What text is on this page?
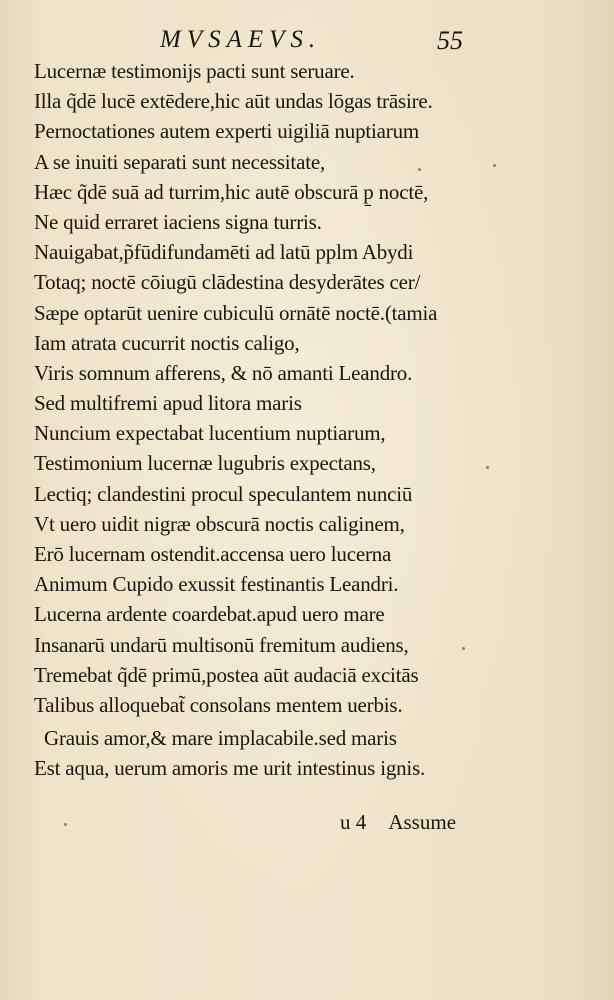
MVSAEVS.	55
Lucernæ testimonijs pacti sunt seruare.
Illa q̃dē lucē extēdere,hic aūt undas lōgas trāsire.
Pernoctationes autem experti uigiliā nuptiarum
A se inuiti separati sunt necessitate,
Hæc q̃dē suā ad turrim,hic autē obscurā p̱ noctē,
Ne quid erraret iaciens signa turris.
Nauigabat,p̃fūdifundamēti ad latū pplm Abydi
Totaq; noctē cōiugū clādestina desyderātes cer/
Sæpe optarūt uenire cubiculū ornātē noctē.(tamia
Iam atrata cucurrit noctis caligo,
Viris somnum afferens, & nō amanti Leandro.
Sed multifremi apud litora maris
Nuncium expectabat lucentium nuptiarum,
Testimonium lucernæ lugubris expectans,
Lectiq; clandestini procul speculantem nunciū
Vt uero uidit nigræ obscurā noctis caliginem,
Erō lucernam ostendit.accensa uero lucerna
Animum Cupido exussit festinantis Leandri.
Lucerna ardente coardebat.apud uero mare
Insanarū undarū multisonū fremitum audiens,
Tremebat q̃dē primū,postea aūt audaciā excitās
Talibus alloquebat̃ consolans mentem uerbis.
Grauis amor,& mare implacabile.sed maris
Est aqua, uerum amoris me urit intestinus ignis.
u 4 Assume
